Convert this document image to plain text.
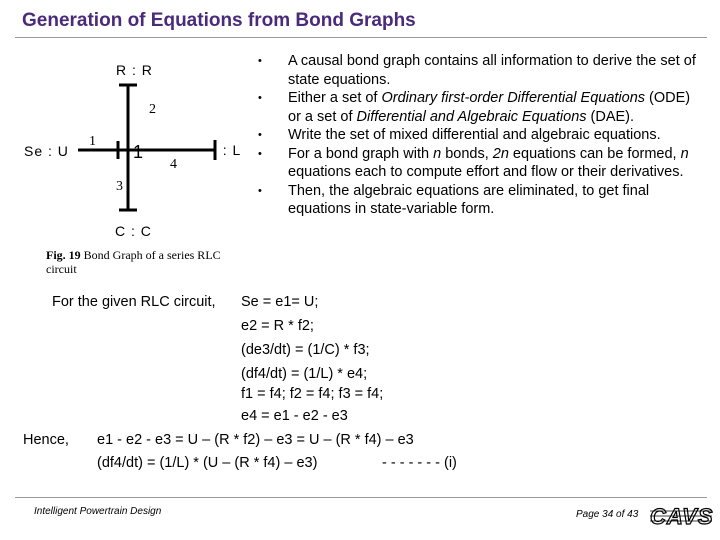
Generation of Equations from Bond Graphs
R : R
Se : U	I : L
C : C
1
1
2
3
4
Fig. 19 Bond Graph of a series RLC circuit
•	A causal bond graph contains all information to derive the set of state equations.
•	Either a set of Ordinary first-order Differential Equations (ODE) or a set of Differential and Algebraic Equations (DAE).
•	Write the set of mixed differential and algebraic equations.
•	For a bond graph with n bonds, 2n equations can be formed, n equations each to compute effort and flow or their derivatives.
•	Then, the algebraic equations are eliminated, to get final equations in state-variable form.
For the given RLC circuit, Se = e1= U;
e2 = R * f2;
(de3/dt) = (1/C) * f3;
(df4/dt) = (1/L) * e4;
f1 = f4; f2 = f4; f3 = f4;
e4 = e1 - e2 - e3
Hence, e1 - e2 - e3 = U – (R * f2) – e3 = U – (R * f4) – e3
(df4/dt) = (1/L) * (U – (R * f4) – e3)	- - - - - - - (i)
Intelligent Powertrain Design	Page 34 of 43 CAVS
